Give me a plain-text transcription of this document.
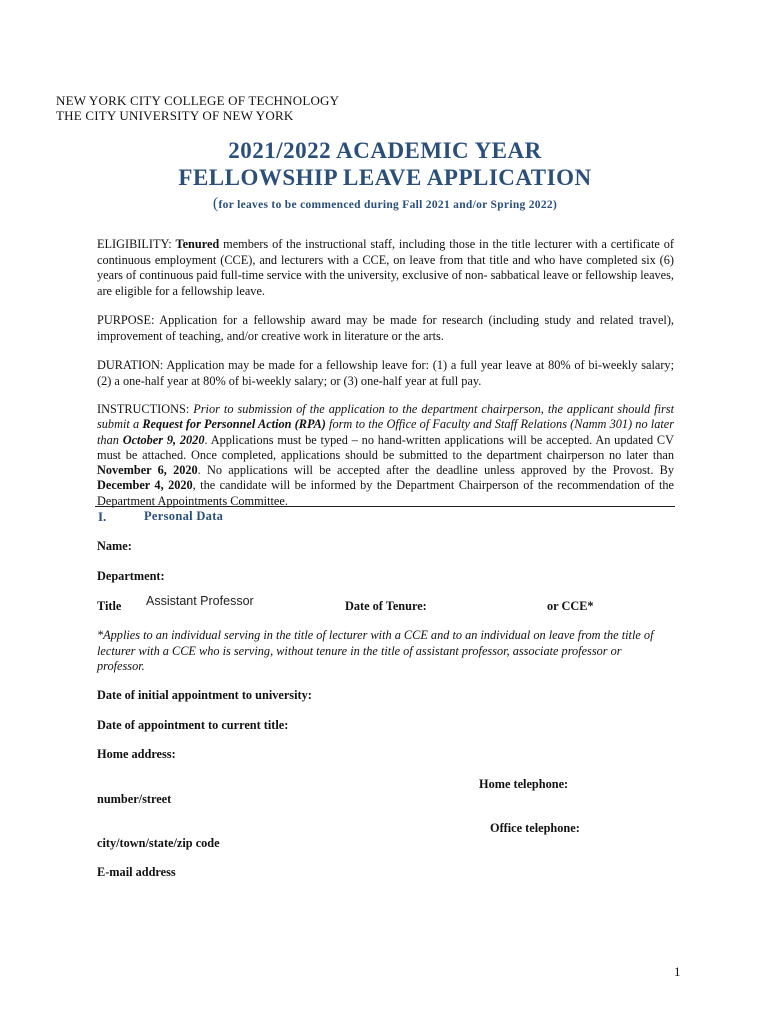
NEW YORK CITY COLLEGE OF TECHNOLOGY
THE CITY UNIVERSITY OF NEW YORK
2021/2022 ACADEMIC YEAR
FELLOWSHIP LEAVE APPLICATION
(for leaves to be commenced during Fall 2021 and/or Spring 2022)
ELIGIBILITY: Tenured members of the instructional staff, including those in the title lecturer with a certificate of continuous employment (CCE), and lecturers with a CCE, on leave from that title and who have completed six (6) years of continuous paid full-time service with the university, exclusive of non- sabbatical leave or fellowship leaves, are eligible for a fellowship leave.
PURPOSE: Application for a fellowship award may be made for research (including study and related travel), improvement of teaching, and/or creative work in literature or the arts.
DURATION: Application may be made for a fellowship leave for: (1) a full year leave at 80% of bi-weekly salary; (2) a one-half year at 80% of bi-weekly salary; or (3) one-half year at full pay.
INSTRUCTIONS: Prior to submission of the application to the department chairperson, the applicant should first submit a Request for Personnel Action (RPA) form to the Office of Faculty and Staff Relations (Namm 301) no later than October 9, 2020. Applications must be typed – no hand-written applications will be accepted. An updated CV must be attached. Once completed, applications should be submitted to the department chairperson no later than November 6, 2020. No applications will be accepted after the deadline unless approved by the Provost. By December 4, 2020, the candidate will be informed by the Department Chairperson of the recommendation of the Department Appointments Committee.
I.	Personal Data
Name:
Department:
Title Assistant Professor	Date of Tenure:	or CCE*
*Applies to an individual serving in the title of lecturer with a CCE and to an individual on leave from the title of lecturer with a CCE who is serving, without tenure in the title of assistant professor, associate professor or professor.
Date of initial appointment to university:
Date of appointment to current title:
Home address:
Home telephone:
number/street
Office telephone:
city/town/state/zip code
E-mail address
1
